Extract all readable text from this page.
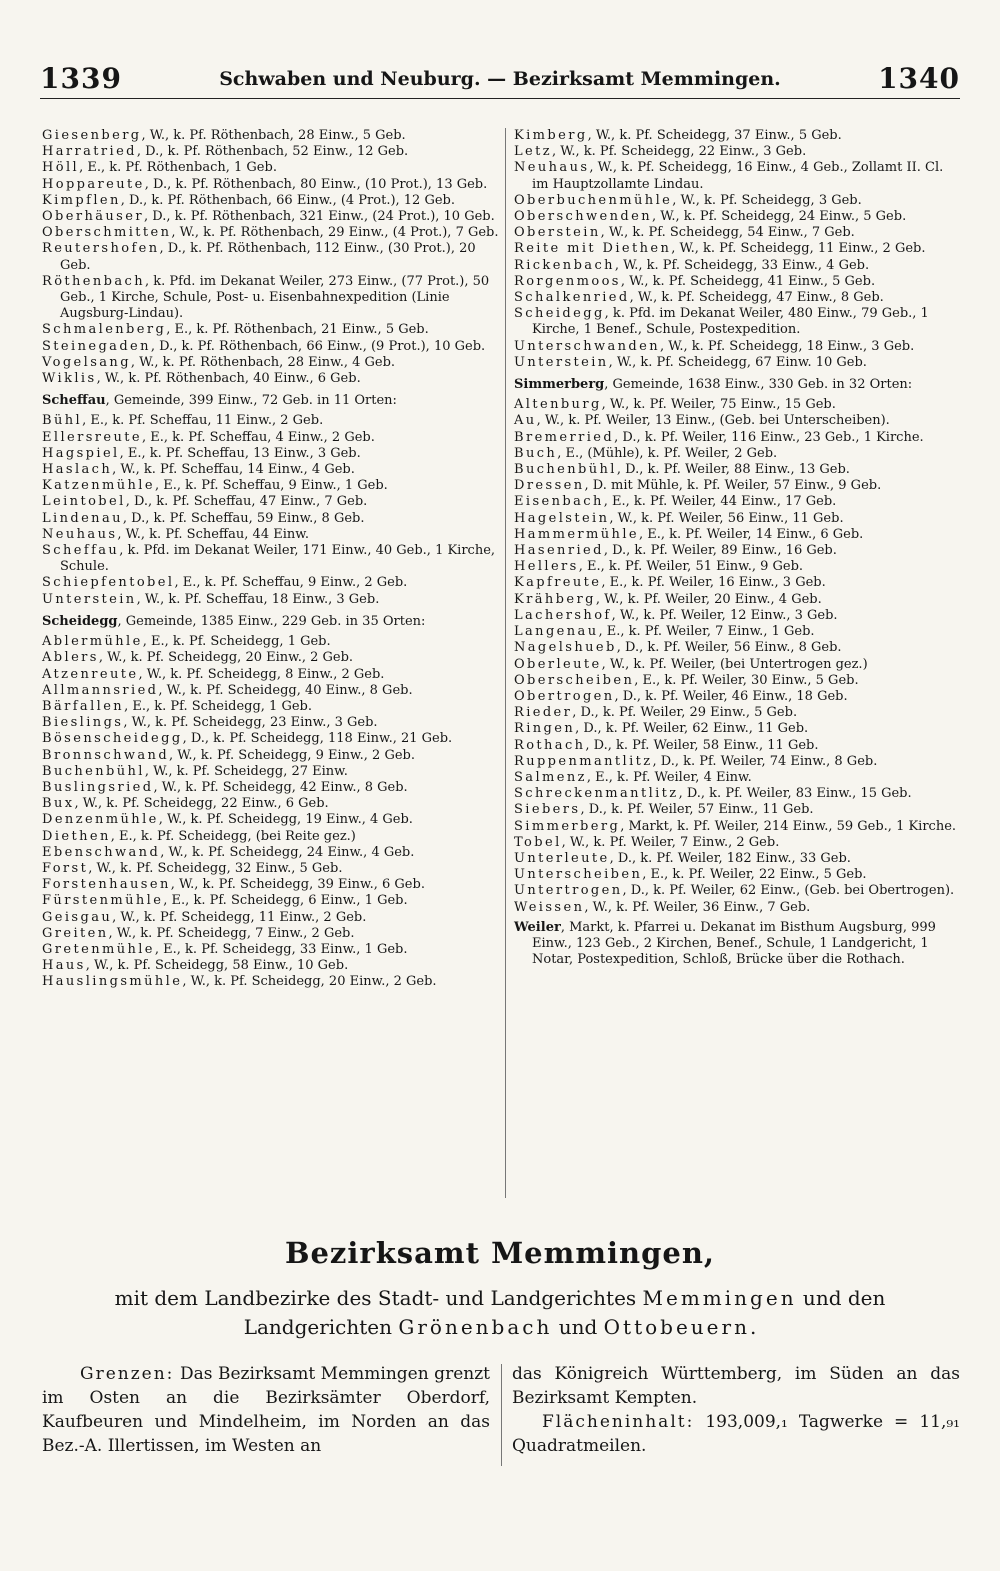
1339	Schwaben und Neuburg. — Bezirksamt Memmingen.	1340

Giesenberg, W., k. Pf. Röthenbach, 28 Einw., 5 Geb.

Harratried, D., k. Pf. Röthenbach, 52 Einw., 12 Geb.

Höll, E., k. Pf. Röthenbach, 1 Geb.

Hoppareute, D., k. Pf. Röthenbach, 80 Einw., (10 Prot.), 13 Geb.

Kimpflen, D., k. Pf. Röthenbach, 66 Einw., (4 Prot.), 12 Geb.

Oberhäuser, D., k. Pf. Röthenbach, 321 Einw., (24 Prot.), 10 Geb.

Oberschmitten, W., k. Pf. Röthenbach, 29 Einw., (4 Prot.), 7 Geb.

Reutershofen, D., k. Pf. Röthenbach, 112 Einw., (30 Prot.), 20 Geb.

Röthenbach, k. Pfd. im Dekanat Weiler, 273 Einw., (77 Prot.), 50 Geb., 1 Kirche, Schule, Post- u. Eisenbahnexpedition (Linie Augsburg-Lindau).

Schmalenberg, E., k. Pf. Röthenbach, 21 Einw., 5 Geb.

Steinegaden, D., k. Pf. Röthenbach, 66 Einw., (9 Prot.), 10 Geb.

Vogelsang, W., k. Pf. Röthenbach, 28 Einw., 4 Geb.

Wiklis, W., k. Pf. Röthenbach, 40 Einw., 6 Geb.

Scheffau, Gemeinde, 399 Einw., 72 Geb. in 11 Orten:

Bühl, E., k. Pf. Scheffau, 11 Einw., 2 Geb.

Ellersreute, E., k. Pf. Scheffau, 4 Einw., 2 Geb.

Hagspiel, E., k. Pf. Scheffau, 13 Einw., 3 Geb.

Haslach, W., k. Pf. Scheffau, 14 Einw., 4 Geb.

Katzenmühle, E., k. Pf. Scheffau, 9 Einw., 1 Geb.

Leintobel, D., k. Pf. Scheffau, 47 Einw., 7 Geb.

Lindenau, D., k. Pf. Scheffau, 59 Einw., 8 Geb.

Neuhaus, W., k. Pf. Scheffau, 44 Einw.

Scheffau, k. Pfd. im Dekanat Weiler, 171 Einw., 40 Geb., 1 Kirche, Schule.

Schiepfentobel, E., k. Pf. Scheffau, 9 Einw., 2 Geb.

Unterstein, W., k. Pf. Scheffau, 18 Einw., 3 Geb.

Scheidegg, Gemeinde, 1385 Einw., 229 Geb. in 35 Orten:

Ablermühle, E., k. Pf. Scheidegg, 1 Geb.

Ablers, W., k. Pf. Scheidegg, 20 Einw., 2 Geb.

Atzenreute, W., k. Pf. Scheidegg, 8 Einw., 2 Geb.

Allmannsried, W., k. Pf. Scheidegg, 40 Einw., 8 Geb.

Bärfallen, E., k. Pf. Scheidegg, 1 Geb.

Bieslings, W., k. Pf. Scheidegg, 23 Einw., 3 Geb.

Bösenscheidegg, D., k. Pf. Scheidegg, 118 Einw., 21 Geb.

Bronnschwand, W., k. Pf. Scheidegg, 9 Einw., 2 Geb.

Buchenbühl, W., k. Pf. Scheidegg, 27 Einw.

Buslingsried, W., k. Pf. Scheidegg, 42 Einw., 8 Geb.

Bux, W., k. Pf. Scheidegg, 22 Einw., 6 Geb.

Denzenmühle, W., k. Pf. Scheidegg, 19 Einw., 4 Geb.

Diethen, E., k. Pf. Scheidegg, (bei Reite gez.)

Ebenschwand, W., k. Pf. Scheidegg, 24 Einw., 4 Geb.

Forst, W., k. Pf. Scheidegg, 32 Einw., 5 Geb.

Forstenhausen, W., k. Pf. Scheidegg, 39 Einw., 6 Geb.

Fürstenmühle, E., k. Pf. Scheidegg, 6 Einw., 1 Geb.

Geisgau, W., k. Pf. Scheidegg, 11 Einw., 2 Geb.

Greiten, W., k. Pf. Scheidegg, 7 Einw., 2 Geb.

Gretenmühle, E., k. Pf. Scheidegg, 33 Einw., 1 Geb.

Haus, W., k. Pf. Scheidegg, 58 Einw., 10 Geb.

Hauslingsmühle, W., k. Pf. Scheidegg, 20 Einw., 2 Geb.

Kimberg, W., k. Pf. Scheidegg, 37 Einw., 5 Geb.

Letz, W., k. Pf. Scheidegg, 22 Einw., 3 Geb.

Neuhaus, W., k. Pf. Scheidegg, 16 Einw., 4 Geb., Zollamt II. Cl. im Hauptzollamte Lindau.

Oberbuchenmühle, W., k. Pf. Scheidegg, 3 Geb.

Oberschwenden, W., k. Pf. Scheidegg, 24 Einw., 5 Geb.

Oberstein, W., k. Pf. Scheidegg, 54 Einw., 7 Geb.

Reite mit Diethen, W., k. Pf. Scheidegg, 11 Einw., 2 Geb.

Rickenbach, W., k. Pf. Scheidegg, 33 Einw., 4 Geb.

Rorgenmoos, W., k. Pf. Scheidegg, 41 Einw., 5 Geb.

Schalkenried, W., k. Pf. Scheidegg, 47 Einw., 8 Geb.

Scheidegg, k. Pfd. im Dekanat Weiler, 480 Einw., 79 Geb., 1 Kirche, 1 Benef., Schule, Postexpedition.

Unterschwanden, W., k. Pf. Scheidegg, 18 Einw., 3 Geb.

Unterstein, W., k. Pf. Scheidegg, 67 Einw. 10 Geb.

Simmerberg, Gemeinde, 1638 Einw., 330 Geb. in 32 Orten:

Altenburg, W., k. Pf. Weiler, 75 Einw., 15 Geb.

Au, W., k. Pf. Weiler, 13 Einw., (Geb. bei Unterscheiben).

Bremerried, D., k. Pf. Weiler, 116 Einw., 23 Geb., 1 Kirche.

Buch, E., (Mühle), k. Pf. Weiler, 2 Geb.

Buchenbühl, D., k. Pf. Weiler, 88 Einw., 13 Geb.

Dressen, D. mit Mühle, k. Pf. Weiler, 57 Einw., 9 Geb.

Eisenbach, E., k. Pf. Weiler, 44 Einw., 17 Geb.

Hagelstein, W., k. Pf. Weiler, 56 Einw., 11 Geb.

Hammermühle, E., k. Pf. Weiler, 14 Einw., 6 Geb.

Hasenried, D., k. Pf. Weiler, 89 Einw., 16 Geb.

Hellers, E., k. Pf. Weiler, 51 Einw., 9 Geb.

Kapfreute, E., k. Pf. Weiler, 16 Einw., 3 Geb.

Krähberg, W., k. Pf. Weiler, 20 Einw., 4 Geb.

Lachershof, W., k. Pf. Weiler, 12 Einw., 3 Geb.

Langenau, E., k. Pf. Weiler, 7 Einw., 1 Geb.

Nagelshueb, D., k. Pf. Weiler, 56 Einw., 8 Geb.

Oberleute, W., k. Pf. Weiler, (bei Untertrogen gez.)

Oberscheiben, E., k. Pf. Weiler, 30 Einw., 5 Geb.

Obertrogen, D., k. Pf. Weiler, 46 Einw., 18 Geb.

Rieder, D., k. Pf. Weiler, 29 Einw., 5 Geb.

Ringen, D., k. Pf. Weiler, 62 Einw., 11 Geb.

Rothach, D., k. Pf. Weiler, 58 Einw., 11 Geb.

Ruppenmantlitz, D., k. Pf. Weiler, 74 Einw., 8 Geb.

Salmenz, E., k. Pf. Weiler, 4 Einw.

Schreckenmantlitz, D., k. Pf. Weiler, 83 Einw., 15 Geb.

Siebers, D., k. Pf. Weiler, 57 Einw., 11 Geb.

Simmerberg, Markt, k. Pf. Weiler, 214 Einw., 59 Geb., 1 Kirche.

Tobel, W., k. Pf. Weiler, 7 Einw., 2 Geb.

Unterleute, D., k. Pf. Weiler, 182 Einw., 33 Geb.

Unterscheiben, E., k. Pf. Weiler, 22 Einw., 5 Geb.

Untertrogen, D., k. Pf. Weiler, 62 Einw., (Geb. bei Obertrogen).

Weissen, W., k. Pf. Weiler, 36 Einw., 7 Geb.

Weiler, Markt, k. Pfarrei u. Dekanat im Bisthum Augsburg, 999 Einw., 123 Geb., 2 Kirchen, Benef., Schule, 1 Landgericht, 1 Notar, Postexpedition, Schloß, Brücke über die Rothach.

Bezirksamt Memmingen,
mit dem Landbezirke des Stadt- und Landgerichtes Memmingen und den
Landgerichten Grönenbach und Ottobeuern.
Grenzen: Das Bezirksamt Memmingen grenzt im Osten an die Bezirksämter Oberdorf, Kaufbeuren und Mindelheim, im Norden an das Bez.-A. Illertissen, im Westen an
das Königreich Württemberg, im Süden an das Bezirksamt Kempten.
Flächeninhalt: 193,009,₁ Tagwerke = 11,₉₁ Quadratmeilen.
